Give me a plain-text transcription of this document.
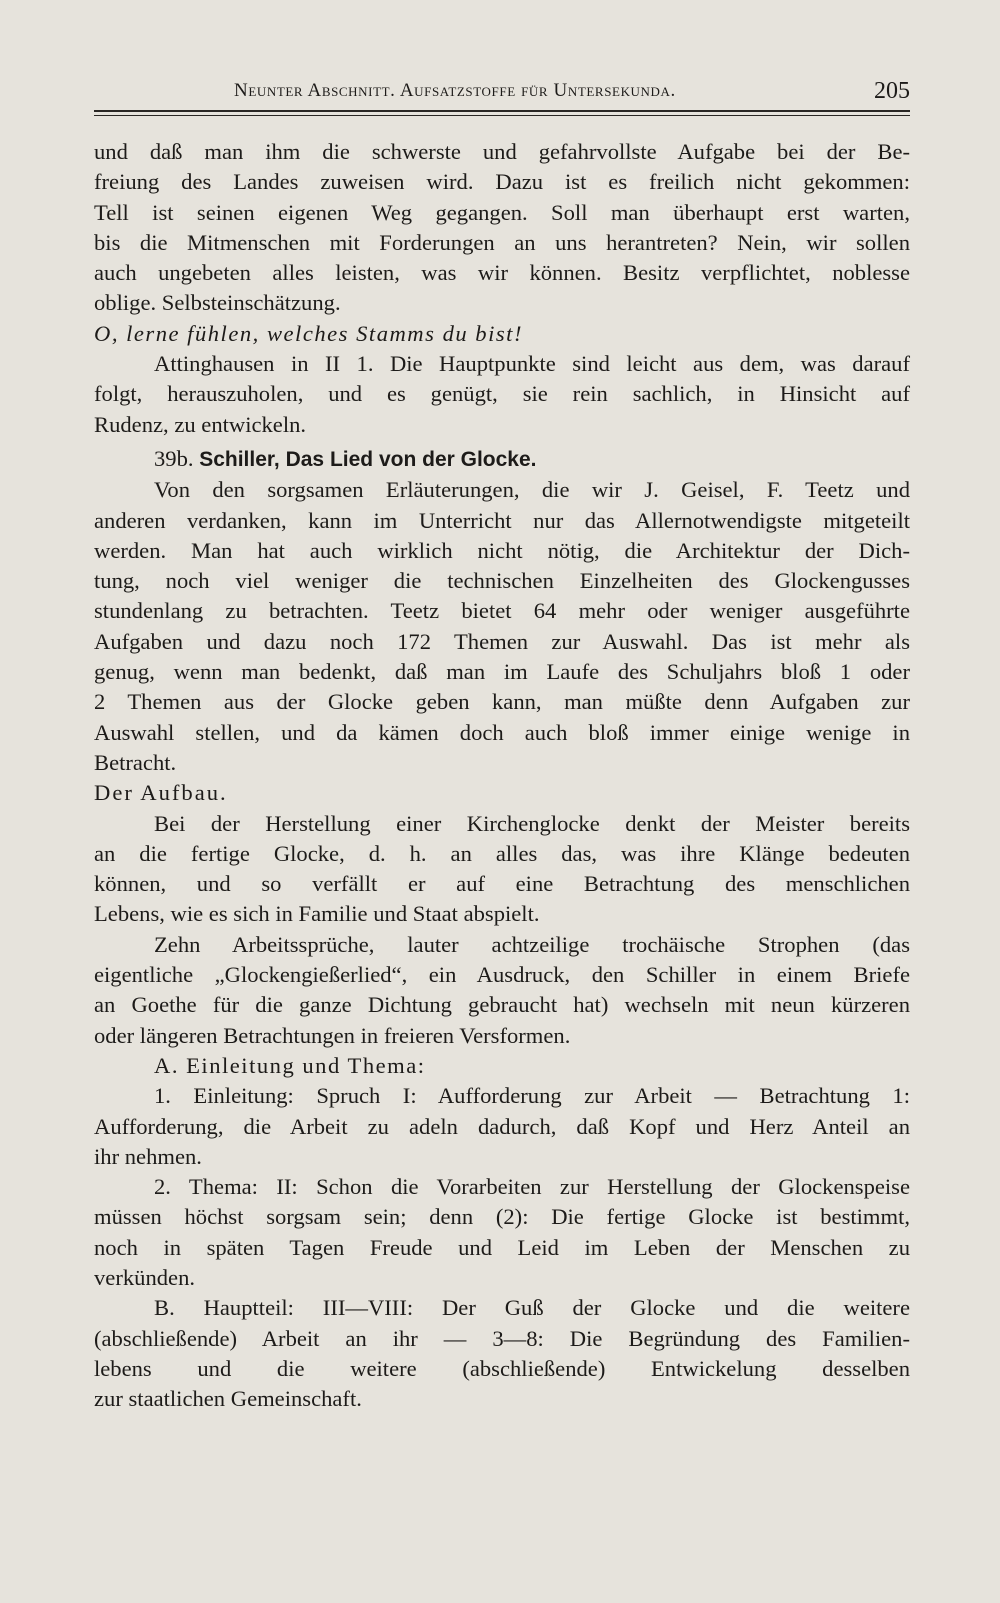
Neunter Abschnitt. Aufsatzstoffe für Untersekunda.	205

und daß man ihm die schwerste und gefahrvollste Aufgabe bei der Be-
freiung des Landes zuweisen wird. Dazu ist es freilich nicht gekommen:
Tell ist seinen eigenen Weg gegangen. Soll man überhaupt erst warten,
bis die Mitmenschen mit Forderungen an uns herantreten? Nein, wir sollen
auch ungebeten alles leisten, was wir können. Besitz verpflichtet, noblesse
oblige. Selbsteinschätzung.

O, lerne fühlen, welches Stamms du bist!

Attinghausen in II 1. Die Hauptpunkte sind leicht aus dem, was darauf
folgt, herauszuholen, und es genügt, sie rein sachlich, in Hinsicht auf
Rudenz, zu entwickeln.

39b. Schiller, Das Lied von der Glocke.

Von den sorgsamen Erläuterungen, die wir J. Geisel, F. Teetz und
anderen verdanken, kann im Unterricht nur das Allernotwendigste mitgeteilt
werden. Man hat auch wirklich nicht nötig, die Architektur der Dich-
tung, noch viel weniger die technischen Einzelheiten des Glockengusses
stundenlang zu betrachten. Teetz bietet 64 mehr oder weniger ausgeführte
Aufgaben und dazu noch 172 Themen zur Auswahl. Das ist mehr als
genug, wenn man bedenkt, daß man im Laufe des Schuljahrs bloß 1 oder
2 Themen aus der Glocke geben kann, man müßte denn Aufgaben zur
Auswahl stellen, und da kämen doch auch bloß immer einige wenige in
Betracht.

Der Aufbau.

Bei der Herstellung einer Kirchenglocke denkt der Meister bereits
an die fertige Glocke, d. h. an alles das, was ihre Klänge bedeuten
können, und so verfällt er auf eine Betrachtung des menschlichen
Lebens, wie es sich in Familie und Staat abspielt.

Zehn Arbeitssprüche, lauter achtzeilige trochäische Strophen (das
eigentliche „Glockengießerlied“, ein Ausdruck, den Schiller in einem Briefe
an Goethe für die ganze Dichtung gebraucht hat) wechseln mit neun kürzeren
oder längeren Betrachtungen in freieren Versformen.

A. Einleitung und Thema:

1. Einleitung: Spruch I: Aufforderung zur Arbeit — Betrachtung 1:
Aufforderung, die Arbeit zu adeln dadurch, daß Kopf und Herz Anteil an
ihr nehmen.

2. Thema: II: Schon die Vorarbeiten zur Herstellung der Glockenspeise
müssen höchst sorgsam sein; denn (2): Die fertige Glocke ist bestimmt,
noch in späten Tagen Freude und Leid im Leben der Menschen zu
verkünden.

B. Hauptteil: III—VIII: Der Guß der Glocke und die weitere
(abschließende) Arbeit an ihr — 3—8: Die Begründung des Familien-
lebens und die weitere (abschließende) Entwickelung desselben
zur staatlichen Gemeinschaft.
